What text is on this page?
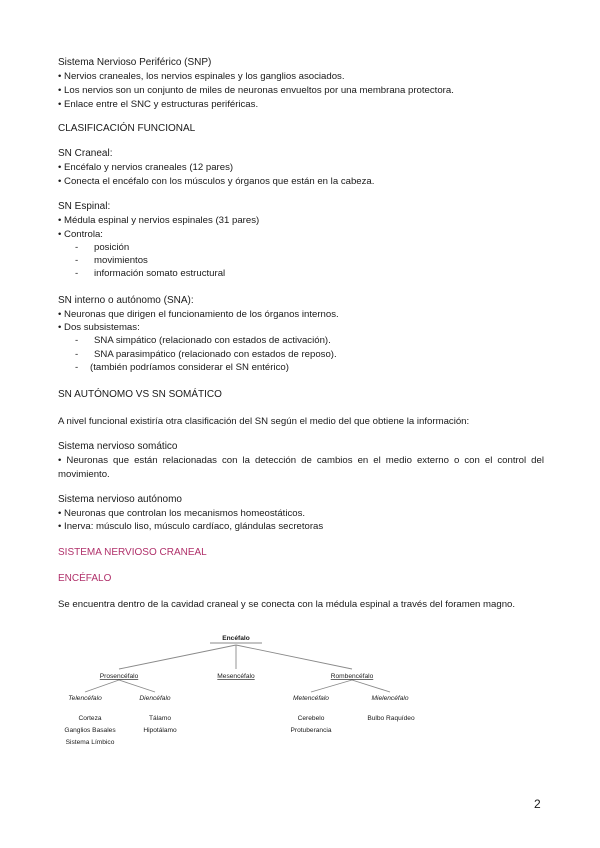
Sistema Nervioso Periférico (SNP)
• Nervios craneales, los nervios espinales y los ganglios asociados.
• Los nervios son un conjunto de miles de neuronas envueltos por una membrana protectora.
• Enlace entre el SNC y estructuras periféricas.
CLASIFICACIÓN FUNCIONAL
SN Craneal:
• Encéfalo y nervios craneales (12 pares)
• Conecta el encéfalo con los músculos y órganos que están en la cabeza.
SN Espinal:
• Médula espinal y nervios espinales (31 pares)
• Controla:
- posición
- movimientos
- información somato estructural
SN interno o autónomo (SNA):
• Neuronas que dirigen el funcionamiento de los órganos internos.
• Dos subsistemas:
- SNA simpático (relacionado con estados de activación).
- SNA parasimpático (relacionado con estados de reposo).
- (también podríamos considerar el SN entérico)
SN AUTÓNOMO VS SN SOMÁTICO
A nivel funcional existiría otra clasificación del SN según el medio del que obtiene la información:
Sistema nervioso somático
• Neuronas que están relacionadas con la detección de cambios en el medio externo o con el control del movimiento.
Sistema nervioso autónomo
• Neuronas que controlan los mecanismos homeostáticos.
• Inerva: músculo liso, músculo cardíaco, glándulas secretoras
SISTEMA NERVIOSO CRANEAL
ENCÉFALO
Se encuentra dentro de la cavidad craneal y se conecta con la médula espinal a través del foramen magno.
Encéfalo
Prosencéfalo	Mesencéfalo	Rombencéfalo
Telencéfalo	Diencéfalo	Metencéfalo	Mielencéfalo
Corteza
Ganglios Basales
Sistema Límbico
Tálamo
Hipotálamo
Cerebelo
Protuberancia
Bulbo Raquídeo
2
